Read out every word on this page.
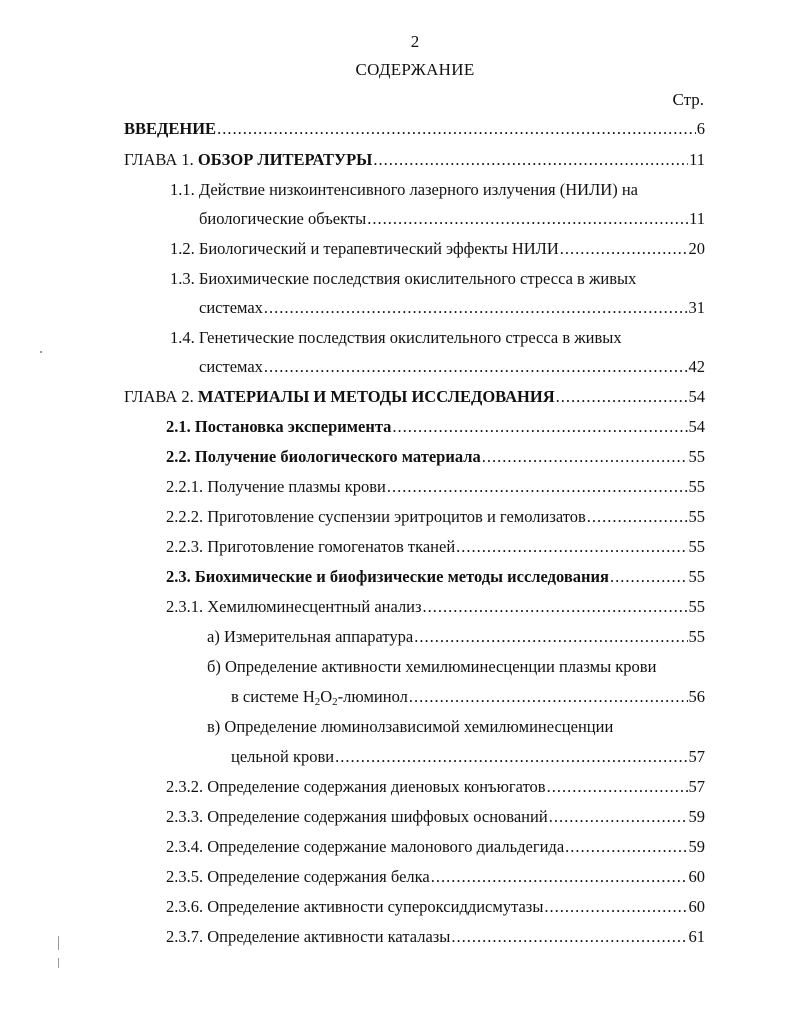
2
СОДЕРЖАНИЕ
Стр.
ВВЕДЕНИЕ .....	6
ГЛАВА 1. ОБЗОР ЛИТЕРАТУРЫ .....	11
1.1. Действие низкоинтенсивного лазерного излучения (НИЛИ) на
биологические объекты .....	11
1.2. Биологический и терапевтический эффекты НИЛИ .....	20
1.3. Биохимические последствия окислительного стресса в живых
системах .....	31
1.4. Генетические последствия окислительного стресса в живых
системах .....	42
ГЛАВА 2. МАТЕРИАЛЫ И МЕТОДЫ ИССЛЕДОВАНИЯ .....	54
2.1. Постановка эксперимента .....	54
2.2. Получение биологического материала .....	55
2.2.1. Получение плазмы крови .....	55
2.2.2. Приготовление суспензии эритроцитов и гемолизатов .....	55
2.2.3. Приготовление гомогенатов тканей .....	55
2.3. Биохимические и биофизические методы исследования .....	55
2.3.1. Хемилюминесцентный анализ .....	55
а) Измерительная аппаратура .....	55
б) Определение активности хемилюминесценции плазмы крови
в системе $H_2O_2$-люминол .....	56
в) Определение люминолзависимой хемилюминесценции
цельной крови .....	57
2.3.2. Определение содержания диеновых конъюгатов .....	57
2.3.3. Определение содержания шиффовых оснований .....	59
2.3.4. Определение содержание малонового диальдегида .....	59
2.3.5. Определение содержания белка .....	60
2.3.6. Определение активности супероксиддисмутазы .....	60
2.3.7. Определение активности каталазы .....	61
